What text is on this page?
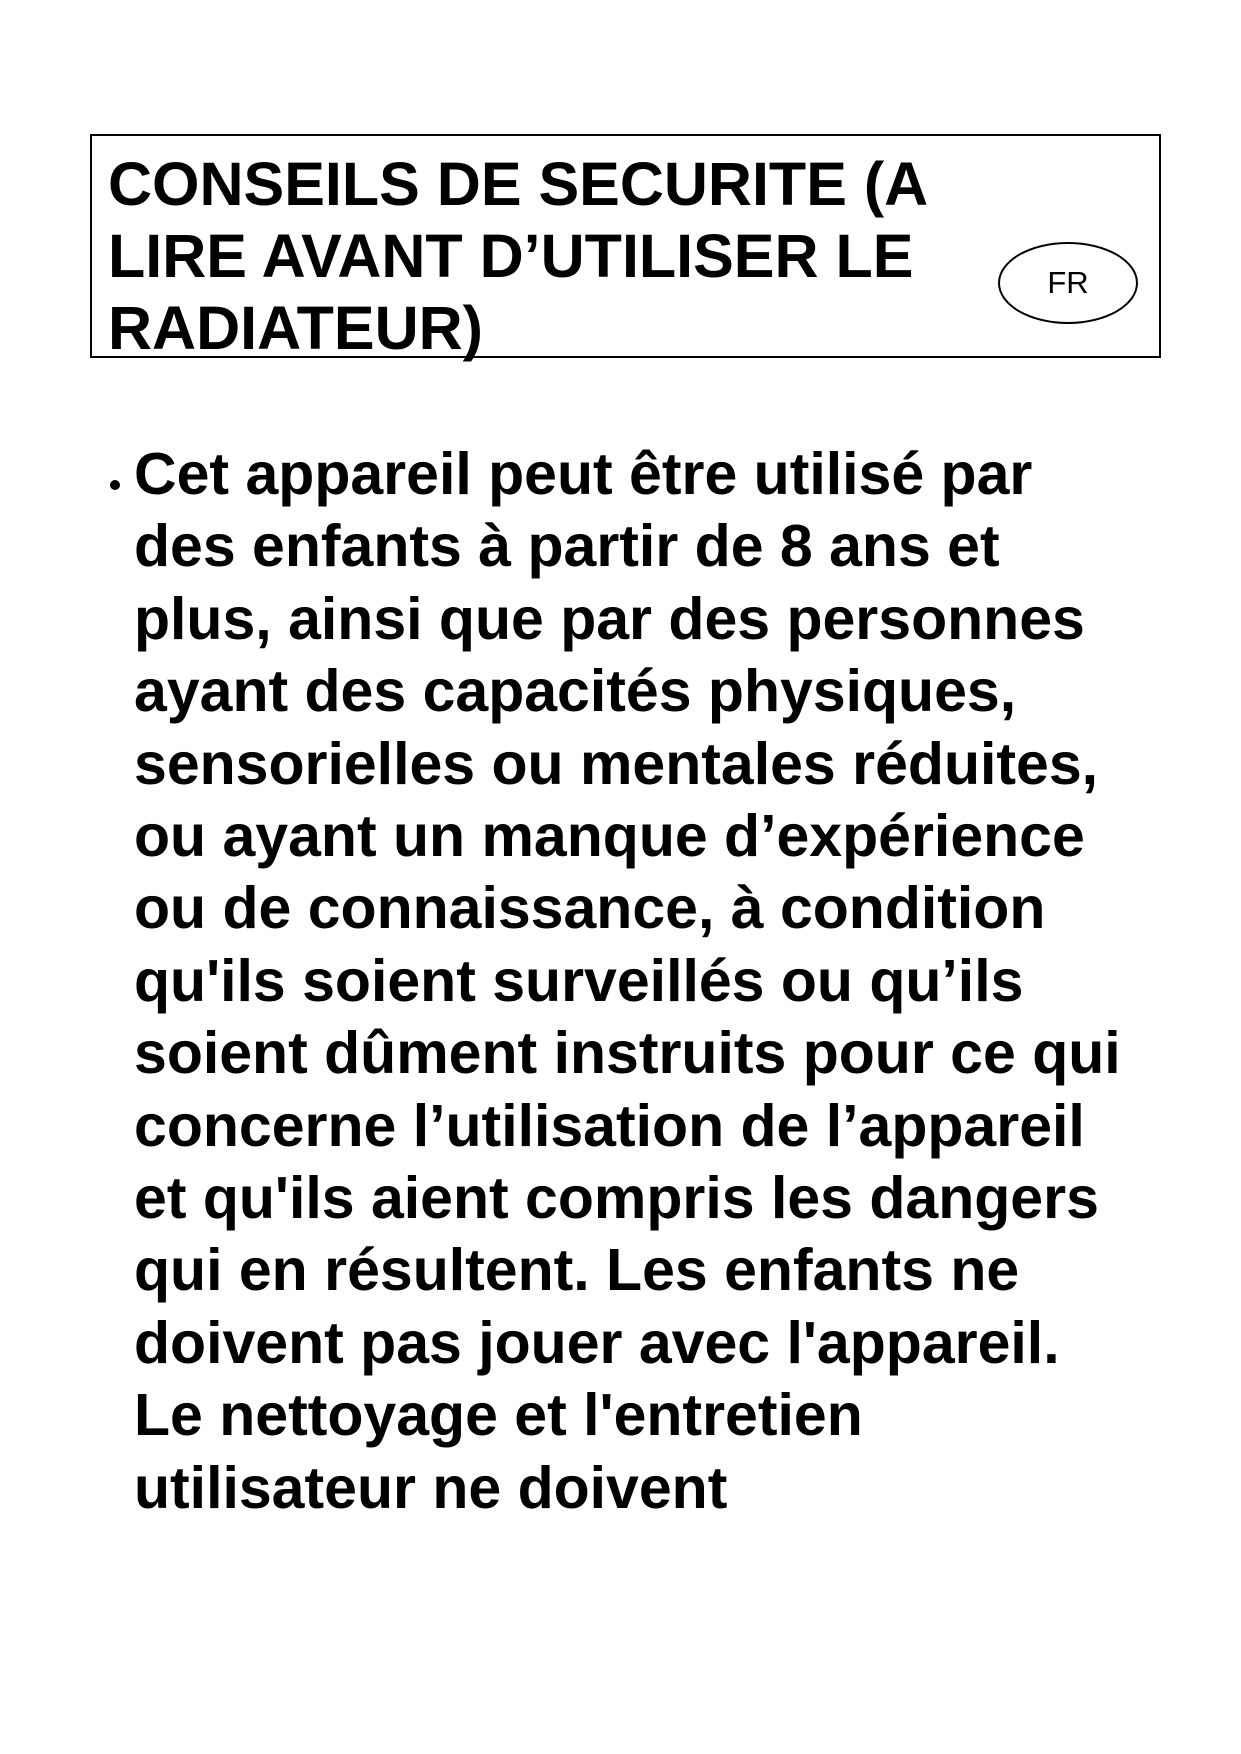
CONSEILS DE SECURITE (A LIRE AVANT D’UTILISER LE RADIATEUR)
FR

Cet appareil peut être utilisé par des enfants à partir de 8 ans et plus, ainsi que par des personnes ayant des capacités physiques, sensorielles ou mentales réduites, ou ayant un manque d’expérience ou de connaissance, à condition qu'ils soient surveillés ou qu’ils soient dûment instruits pour ce qui concerne l’utilisation de l’appareil et qu'ils aient compris les dangers qui en résultent. Les enfants ne doivent pas jouer avec l'appareil. Le nettoyage et l'entretien utilisateur ne doivent
